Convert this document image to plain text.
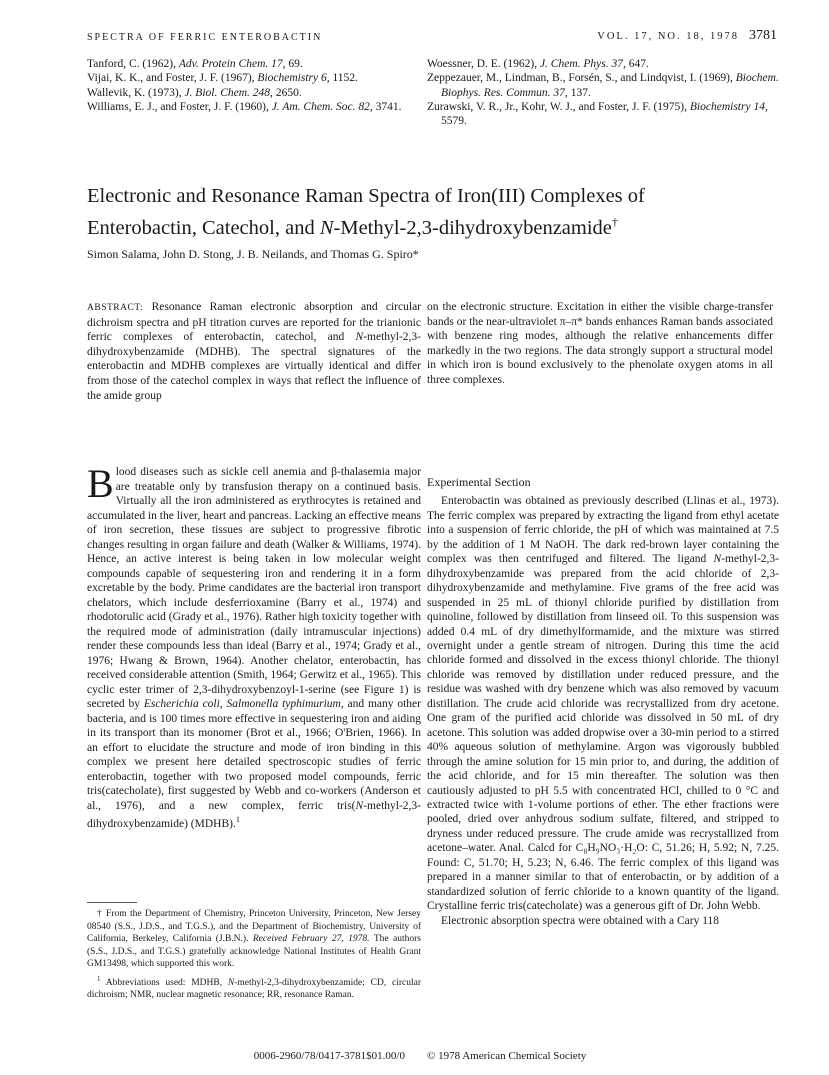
SPECTRA OF FERRIC ENTEROBACTIN	VOL. 17, NO. 18, 1978 3781
Tanford, C. (1962), Adv. Protein Chem. 17, 69.
Vijai, K. K., and Foster, J. F. (1967), Biochemistry 6, 1152.
Wallevik, K. (1973), J. Biol. Chem. 248, 2650.
Williams, E. J., and Foster, J. F. (1960), J. Am. Chem. Soc. 82, 3741.
Woessner, D. E. (1962), J. Chem. Phys. 37, 647.
Zeppezauer, M., Lindman, B., Forsén, S., and Lindqvist, I. (1969), Biochem. Biophys. Res. Commun. 37, 137.
Zurawski, V. R., Jr., Kohr, W. J., and Foster, J. F. (1975), Biochemistry 14, 5579.
Electronic and Resonance Raman Spectra of Iron(III) Complexes of
Enterobactin, Catechol, and N-Methyl-2,3-dihydroxybenzamide†
Simon Salama, John D. Stong, J. B. Neilands, and Thomas G. Spiro*
ABSTRACT: Resonance Raman electronic absorption and circular dichroism spectra and pH titration curves are reported for the trianionic ferric complexes of enterobactin, catechol, and N-methyl-2,3-dihydroxybenzamide (MDHB). The spectral signatures of the enterobactin and MDHB complexes are virtually identical and differ from those of the catechol complex in ways that reflect the influence of the amide group
on the electronic structure. Excitation in either the visible charge-transfer bands or the near-ultraviolet π–π* bands enhances Raman bands associated with benzene ring modes, although the relative enhancements differ markedly in the two regions. The data strongly support a structural model in which iron is bound exclusively to the phenolate oxygen atoms in all three complexes.
Blood diseases such as sickle cell anemia and β-thalasemia major are treatable only by transfusion therapy on a continued basis. Virtually all the iron administered as erythrocytes is retained and accumulated in the liver, heart and pancreas. Lacking an effective means of iron secretion, these tissues are subject to progressive fibrotic changes resulting in organ failure and death (Walker & Williams, 1974). Hence, an active interest is being taken in low molecular weight compounds capable of sequestering iron and rendering it in a form excretable by the body. Prime candidates are the bacterial iron transport chelators, which include desferrioxamine (Barry et al., 1974) and rhodotorulic acid (Grady et al., 1976). Rather high toxicity together with the required mode of administration (daily intramuscular injections) render these compounds less than ideal (Barry et al., 1974; Grady et al., 1976; Hwang & Brown, 1964). Another chelator, enterobactin, has received considerable attention (Smith, 1964; Gerwitz et al., 1965). This cyclic ester trimer of 2,3-dihydroxybenzoyl-1-serine (see Figure 1) is secreted by Escherichia coli, Salmonella typhimurium, and many other bacteria, and is 100 times more effective in sequestering iron and aiding in its transport than its monomer (Brot et al., 1966; O'Brien, 1966). In an effort to elucidate the structure and mode of iron binding in this complex we present here detailed spectroscopic studies of ferric enterobactin, together with two proposed model compounds, ferric tris(catecholate), first suggested by Webb and co-workers (Anderson et al., 1976), and a new complex, ferric tris(N-methyl-2,3-dihydroxybenzamide) (MDHB).$^1$

† From the Department of Chemistry, Princeton University, Princeton, New Jersey 08540 (S.S., J.D.S., and T.G.S.), and the Department of Biochemistry, University of California, Berkeley, California (J.B.N.). Received February 27, 1978. The authors (S.S., J.D.S., and T.G.S.) gratefully acknowledge National Institutes of Health Grant GM13498, which supported this work.

$^1$ Abbreviations used: MDHB, N-methyl-2,3-dihydroxybenzamide; CD, circular dichroism; NMR, nuclear magnetic resonance; RR, resonance Raman.

Experimental Section

Enterobactin was obtained as previously described (Llinas et al., 1973). The ferric complex was prepared by extracting the ligand from ethyl acetate into a suspension of ferric chloride, the pH of which was maintained at 7.5 by the addition of 1 M NaOH. The dark red-brown layer containing the complex was then centrifuged and filtered. The ligand N-methyl-2,3-dihydroxybenzamide was prepared from the acid chloride of 2,3-dihydroxybenzamide and methylamine. Five grams of the free acid was suspended in 25 mL of thionyl chloride purified by distillation from quinoline, followed by distillation from linseed oil. To this suspension was added 0.4 mL of dry dimethylformamide, and the mixture was stirred overnight under a gentle stream of nitrogen. During this time the acid chloride formed and dissolved in the excess thionyl chloride. The thionyl chloride was removed by distillation under reduced pressure, and the residue was washed with dry benzene which was also removed by vacuum distillation. The crude acid chloride was recrystallized from dry acetone. One gram of the purified acid chloride was dissolved in 50 mL of dry acetone. This solution was added dropwise over a 30-min period to a stirred 40% aqueous solution of methylamine. Argon was vigorously bubbled through the amine solution for 15 min prior to, and during, the addition of the acid chloride, and for 15 min thereafter. The solution was then cautiously adjusted to pH 5.5 with concentrated HCl, chilled to 0 °C and extracted twice with 1-volume portions of ether. The ether fractions were pooled, dried over anhydrous sodium sulfate, filtered, and stripped to dryness under reduced pressure. The crude amide was recrystallized from acetone–water. Anal. Calcd for C₈H₉NO₃·H₂O: C, 51.26; H, 5.92; N, 7.25. Found: C, 51.70; H, 5.23; N, 6.46. The ferric complex of this ligand was prepared in a manner similar to that of enterobactin, or by addition of a standardized solution of ferric chloride to a known quantity of the ligand. Crystalline ferric tris(catecholate) was a generous gift of Dr. John Webb.

Electronic absorption spectra were obtained with a Cary 118

0006-2960/78/0417-3781$01.00/0 © 1978 American Chemical Society
